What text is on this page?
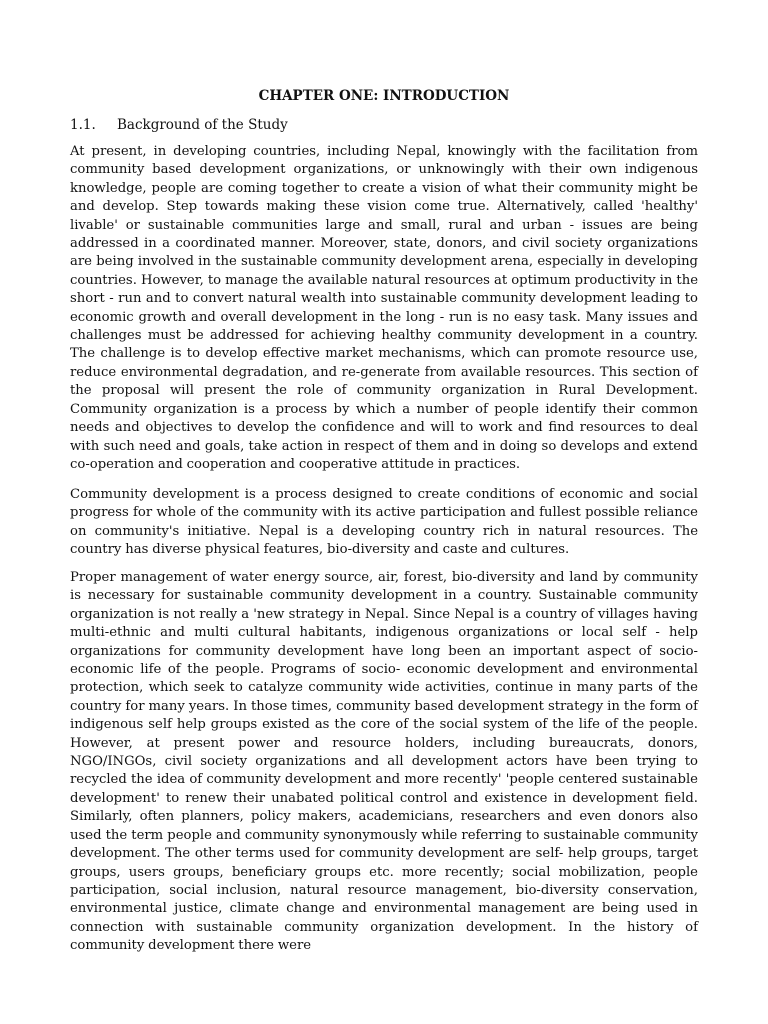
CHAPTER ONE: INTRODUCTION
1.1. Background of the Study

At present, in developing countries, including Nepal, knowingly with the facilitation from community based development organizations, or unknowingly with their own indigenous knowledge, people are coming together to create a vision of what their community might be and develop. Step towards making these vision come true. Alternatively, called 'healthy' livable' or sustainable communities large and small, rural and urban - issues are being addressed in a coordinated manner. Moreover, state, donors, and civil society organizations are being involved in the sustainable community development arena, especially in developing countries. However, to manage the available natural resources at optimum productivity in the short - run and to convert natural wealth into sustainable community development leading to economic growth and overall development in the long - run is no easy task. Many issues and challenges must be addressed for achieving healthy community development in a country. The challenge is to develop effective market mechanisms, which can promote resource use, reduce environmental degradation, and re-generate from available resources. This section of the proposal will present the role of community organization in Rural Development. Community organization is a process by which a number of people identify their common needs and objectives to develop the confidence and will to work and find resources to deal with such need and goals, take action in respect of them and in doing so develops and extend co-operation and cooperation and cooperative attitude in practices.

Community development is a process designed to create conditions of economic and social progress for whole of the community with its active participation and fullest possible reliance on community's initiative. Nepal is a developing country rich in natural resources. The country has diverse physical features, bio-diversity and caste and cultures.

Proper management of water energy source, air, forest, bio-diversity and land by community is necessary for sustainable community development in a country. Sustainable community organization is not really a 'new strategy in Nepal. Since Nepal is a country of villages having multi-ethnic and multi cultural habitants, indigenous organizations or local self - help organizations for community development have long been an important aspect of socio-economic life of the people. Programs of socio- economic development and environmental protection, which seek to catalyze community wide activities, continue in many parts of the country for many years. In those times, community based development strategy in the form of indigenous self help groups existed as the core of the social system of the life of the people. However, at present power and resource holders, including bureaucrats, donors, NGO/INGOs, civil society organizations and all development actors have been trying to recycled the idea of community development and more recently' 'people centered sustainable development' to renew their unabated political control and existence in development field. Similarly, often planners, policy makers, academicians, researchers and even donors also used the term people and community synonymously while referring to sustainable community development. The other terms used for community development are self- help groups, target groups, users groups, beneficiary groups etc. more recently; social mobilization, people participation, social inclusion, natural resource management, bio-diversity conservation, environmental justice, climate change and environmental management are being used in connection with sustainable community organization development. In the history of community development there were
